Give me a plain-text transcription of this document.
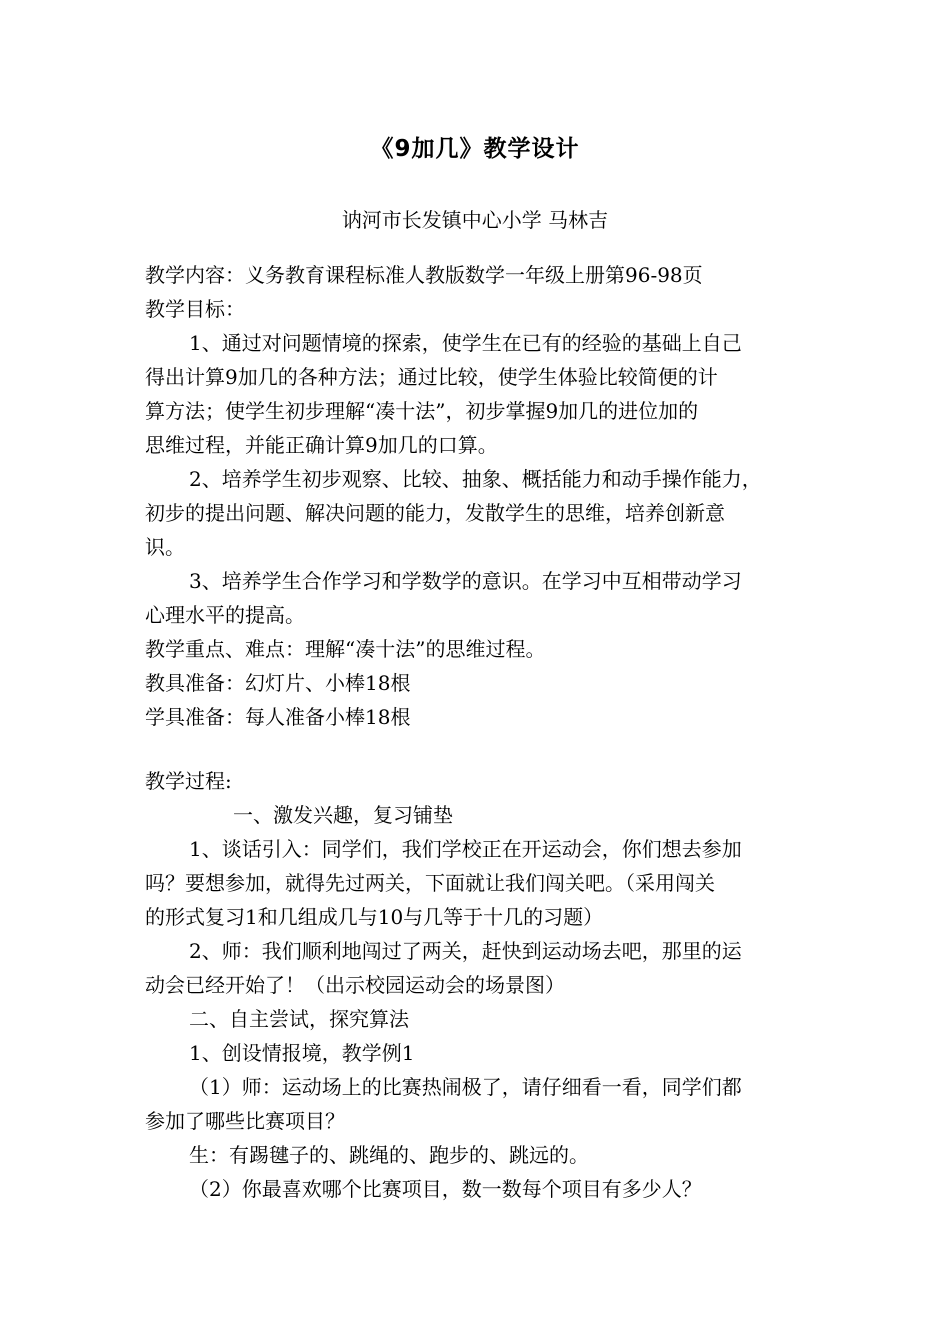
《9加几》教学设计
讷河市长发镇中心小学 马林吉
教学内容：义务教育课程标准人教版数学一年级上册第96-98页
教学目标：
1、通过对问题情境的探索，使学生在已有的经验的基础上自己
得出计算9加几的各种方法；通过比较，使学生体验比较简便的计
算方法；使学生初步理解“凑十法”，初步掌握9加几的进位加的
思维过程，并能正确计算9加几的口算。
2、培养学生初步观察、比较、抽象、概括能力和动手操作能力，
初步的提出问题、解决问题的能力，发散学生的思维，培养创新意
识。
3、培养学生合作学习和学数学的意识。在学习中互相带动学习
心理水平的提高。
教学重点、难点：理解“凑十法”的思维过程。
教具准备：幻灯片、小棒18根
学具准备：每人准备小棒18根
教学过程:
一、激发兴趣，复习铺垫
1、谈话引入：同学们，我们学校正在开运动会，你们想去参加
吗？要想参加，就得先过两关，下面就让我们闯关吧。（采用闯关
的形式复习1和几组成几与10与几等于十几的习题）
2、师：我们顺利地闯过了两关，赶快到运动场去吧，那里的运
动会已经开始了！（出示校园运动会的场景图）
二、自主尝试，探究算法
1、创设情报境，教学例1
（1）师：运动场上的比赛热闹极了，请仔细看一看，同学们都
参加了哪些比赛项目？
生：有踢毽子的、跳绳的、跑步的、跳远的。
（2）你最喜欢哪个比赛项目，数一数每个项目有多少人？
